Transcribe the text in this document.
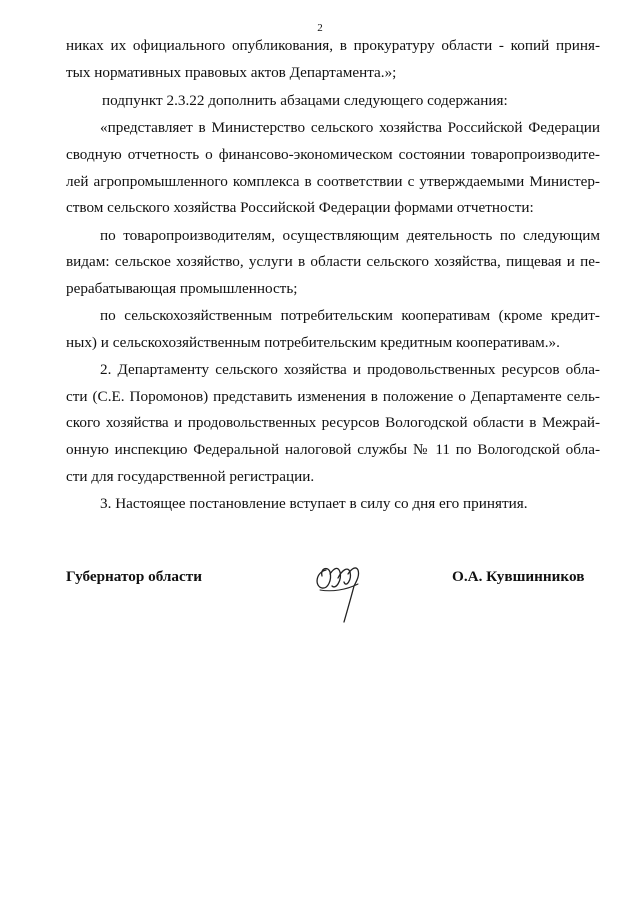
2
никах их официального опубликования, в прокуратуру области - копий приня-
тых нормативных правовых актов Департамента.»;
подпункт 2.3.22 дополнить абзацами следующего содержания:
«представляет в Министерство сельского хозяйства Российской Федерации
сводную отчетность о финансово-экономическом состоянии товаропроизводите-
лей агропромышленного комплекса в соответствии с утверждаемыми Министер-
ством сельского хозяйства Российской Федерации формами отчетности:
по товаропроизводителям, осуществляющим деятельность по следующим
видам: сельское хозяйство, услуги в области сельского хозяйства, пищевая и пе-
рерабатывающая промышленность;
по сельскохозяйственным потребительским кооперативам (кроме кредит-
ных) и сельскохозяйственным потребительским кредитным кооперативам.».
2. Департаменту сельского хозяйства и продовольственных ресурсов обла-
сти (С.Е. Поромонов) представить изменения в положение о Департаменте сель-
ского хозяйства и продовольственных ресурсов Вологодской области в Межрай-
онную инспекцию Федеральной налоговой службы № 11 по Вологодской обла-
сти для государственной регистрации.
3. Настоящее постановление вступает в силу со дня его принятия.
Губернатор области	О.А. Кувшинников
